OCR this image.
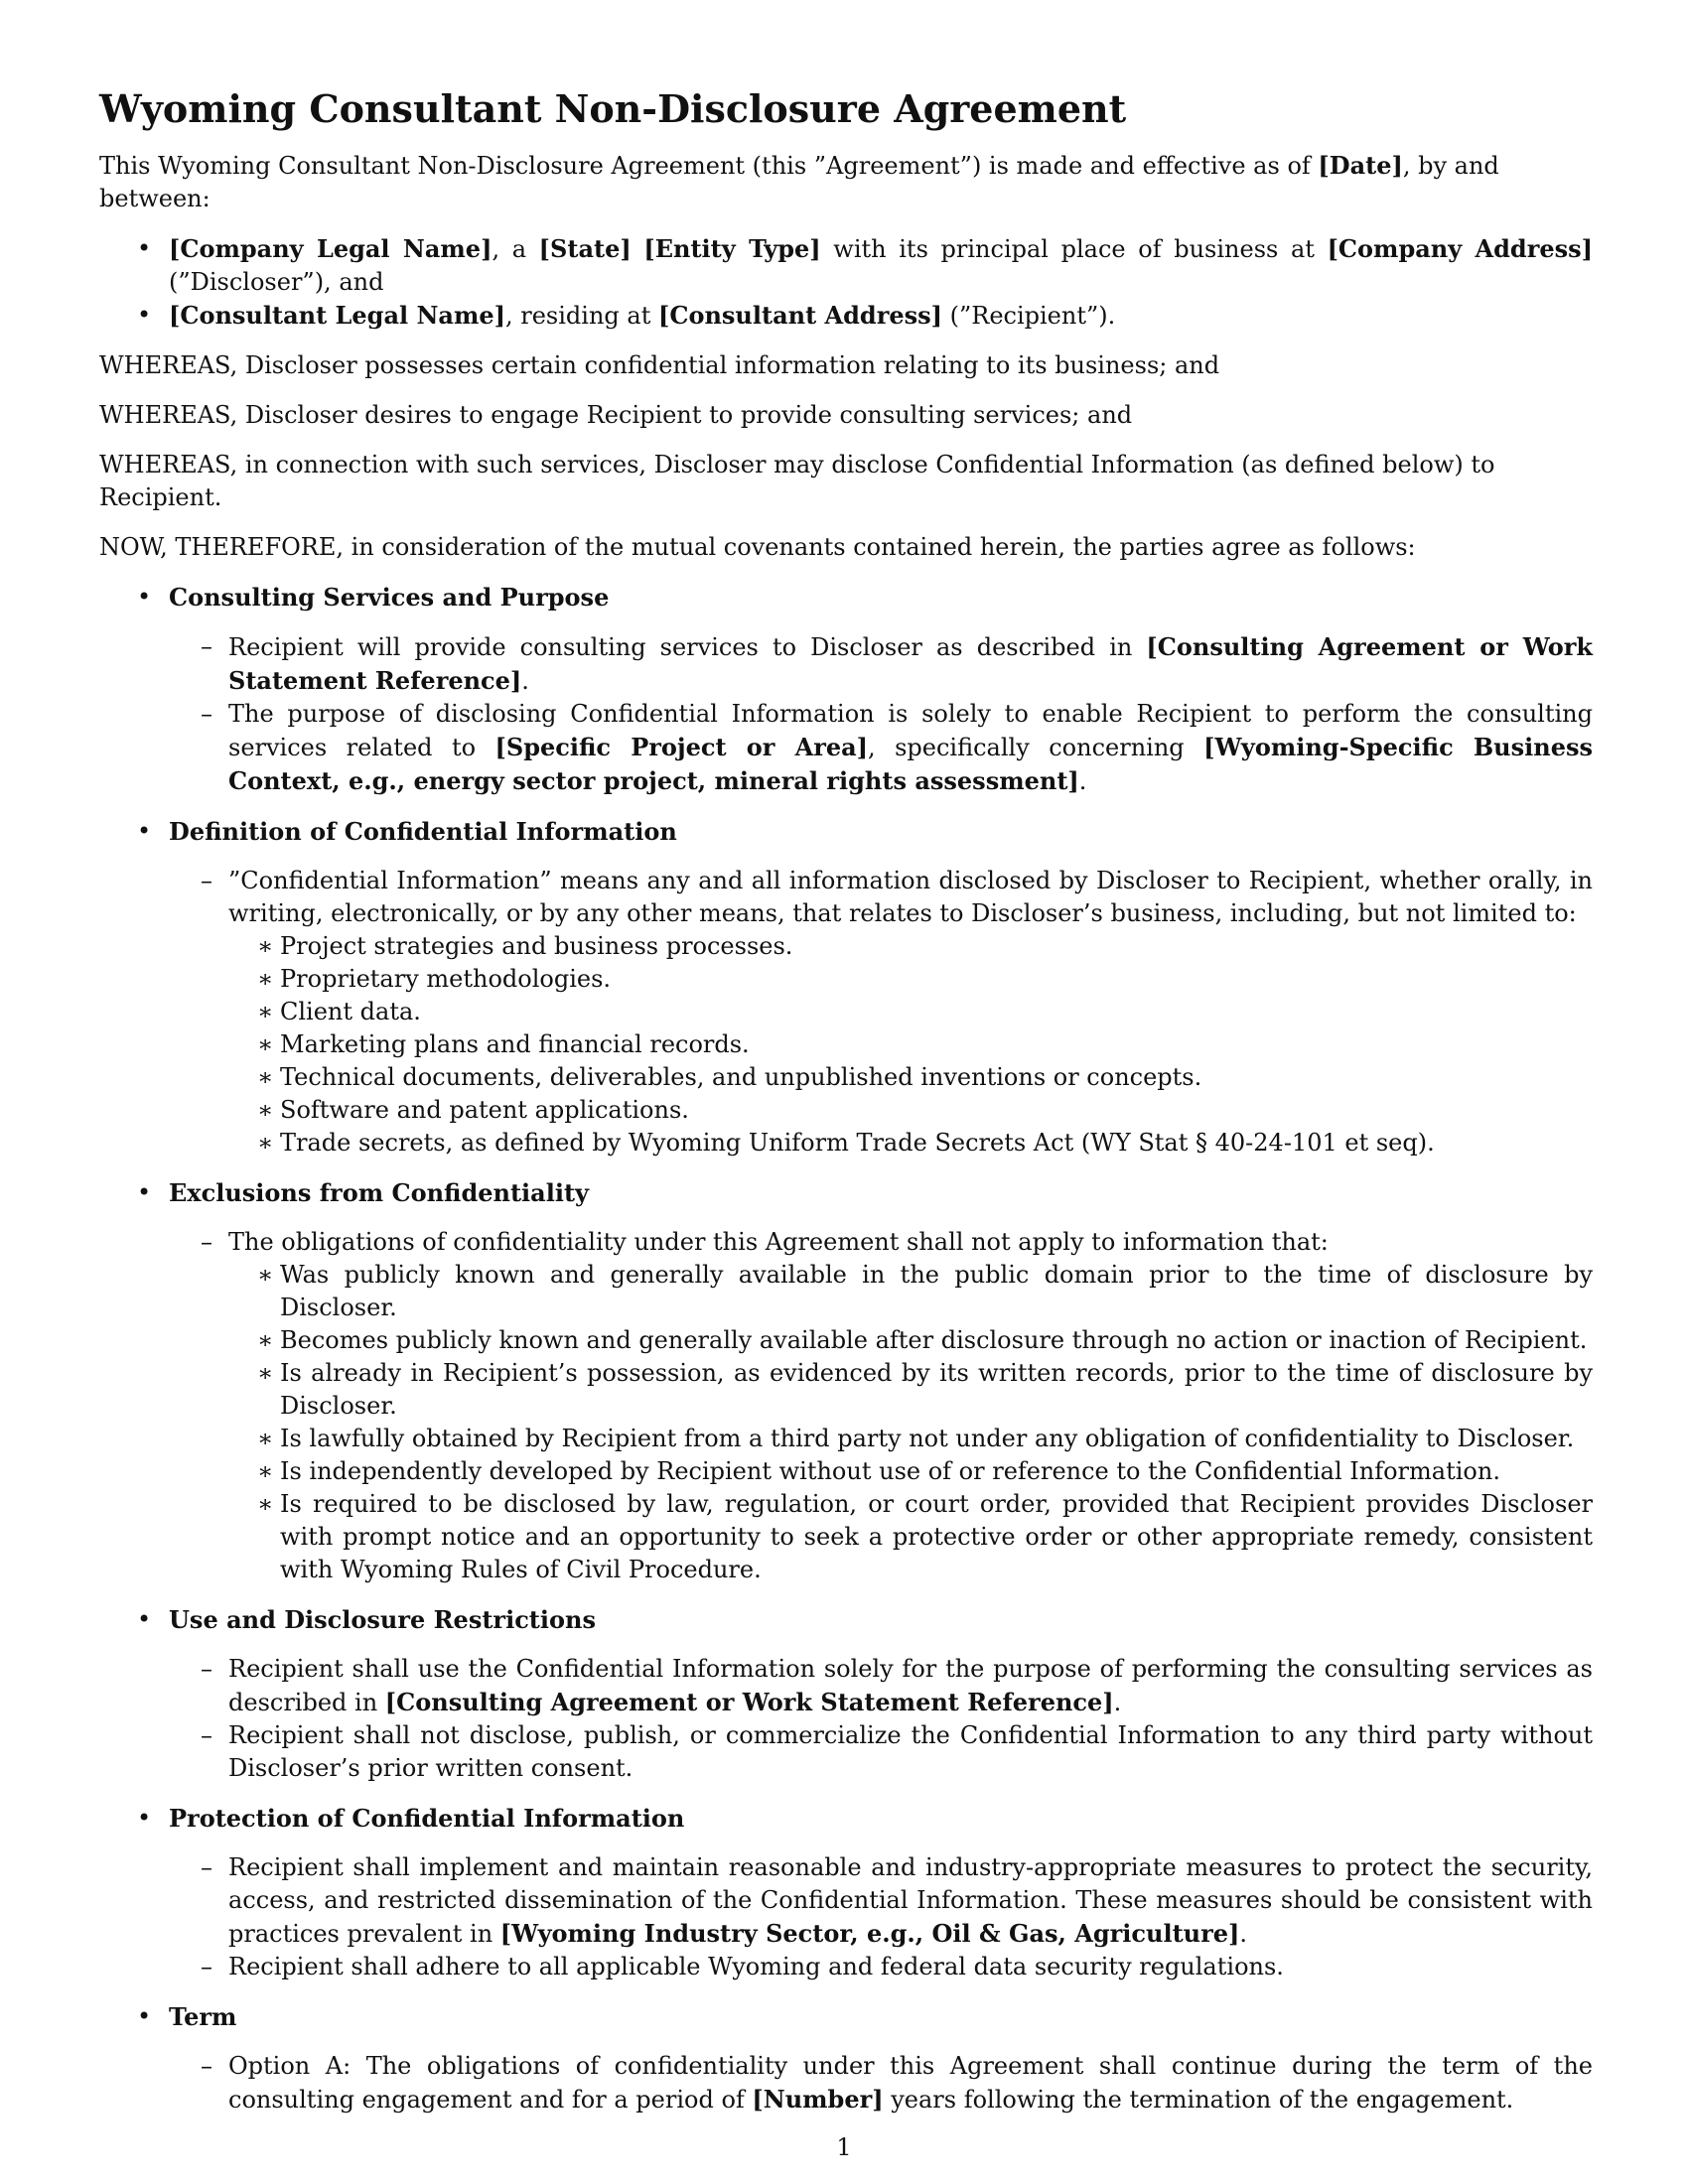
Wyoming Consultant Non-Disclosure Agreement

This Wyoming Consultant Non-Disclosure Agreement (this ”Agreement”) is made and effective as of [Date], by and between:

• [Company Legal Name], a [State] [Entity Type] with its principal place of business at [Company Address] (”Discloser”), and
• [Consultant Legal Name], residing at [Consultant Address] (”Recipient”).

WHEREAS, Discloser possesses certain confidential information relating to its business; and

WHEREAS, Discloser desires to engage Recipient to provide consulting services; and

WHEREAS, in connection with such services, Discloser may disclose Confidential Information (as defined below) to Recipient.

NOW, THEREFORE, in consideration of the mutual covenants contained herein, the parties agree as follows:

• Consulting Services and Purpose
– Recipient will provide consulting services to Discloser as described in [Consulting Agreement or Work Statement Reference].
– The purpose of disclosing Confidential Information is solely to enable Recipient to perform the consulting services related to [Specific Project or Area], specifically concerning [Wyoming-Specific Business Context, e.g., energy sector project, mineral rights assessment].
• Definition of Confidential Information
– ”Confidential Information” means any and all information disclosed by Discloser to Recipient, whether orally, in writing, electronically, or by any other means, that relates to Discloser’s business, including, but not limited to:
∗ Project strategies and business processes.
∗ Proprietary methodologies.
∗ Client data.
∗ Marketing plans and financial records.
∗ Technical documents, deliverables, and unpublished inventions or concepts.
∗ Software and patent applications.
∗ Trade secrets, as defined by Wyoming Uniform Trade Secrets Act (WY Stat § 40-24-101 et seq).
• Exclusions from Confidentiality
– The obligations of confidentiality under this Agreement shall not apply to information that:
∗ Was publicly known and generally available in the public domain prior to the time of disclosure by Discloser.
∗ Becomes publicly known and generally available after disclosure through no action or inaction of Recipient.
∗ Is already in Recipient’s possession, as evidenced by its written records, prior to the time of disclosure by Discloser.
∗ Is lawfully obtained by Recipient from a third party not under any obligation of confidentiality to Discloser.
∗ Is independently developed by Recipient without use of or reference to the Confidential Information.
∗ Is required to be disclosed by law, regulation, or court order, provided that Recipient provides Discloser with prompt notice and an opportunity to seek a protective order or other appropriate remedy, consistent with Wyoming Rules of Civil Procedure.
• Use and Disclosure Restrictions
– Recipient shall use the Confidential Information solely for the purpose of performing the consulting services as described in [Consulting Agreement or Work Statement Reference].
– Recipient shall not disclose, publish, or commercialize the Confidential Information to any third party without Discloser’s prior written consent.
• Protection of Confidential Information
– Recipient shall implement and maintain reasonable and industry-appropriate measures to protect the security, access, and restricted dissemination of the Confidential Information. These measures should be consistent with practices prevalent in [Wyoming Industry Sector, e.g., Oil & Gas, Agriculture].
– Recipient shall adhere to all applicable Wyoming and federal data security regulations.
• Term
– Option A: The obligations of confidentiality under this Agreement shall continue during the term of the consulting engagement and for a period of [Number] years following the termination of the engagement.
1
